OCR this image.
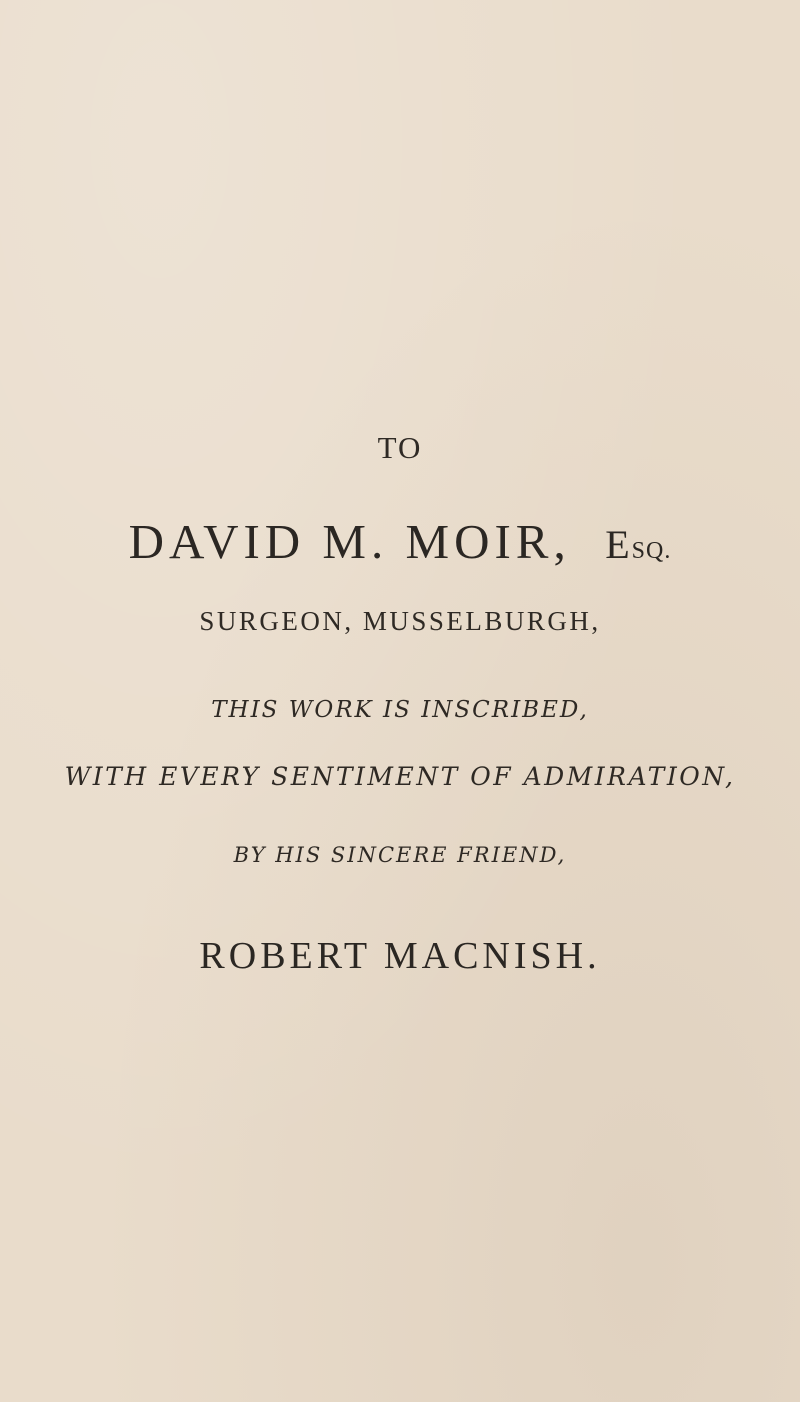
TO
DAVID M. MOIR, ESQ.
SURGEON, MUSSELBURGH,
THIS WORK IS INSCRIBED,
WITH EVERY SENTIMENT OF ADMIRATION,
BY HIS SINCERE FRIEND,
ROBERT MACNISH.
